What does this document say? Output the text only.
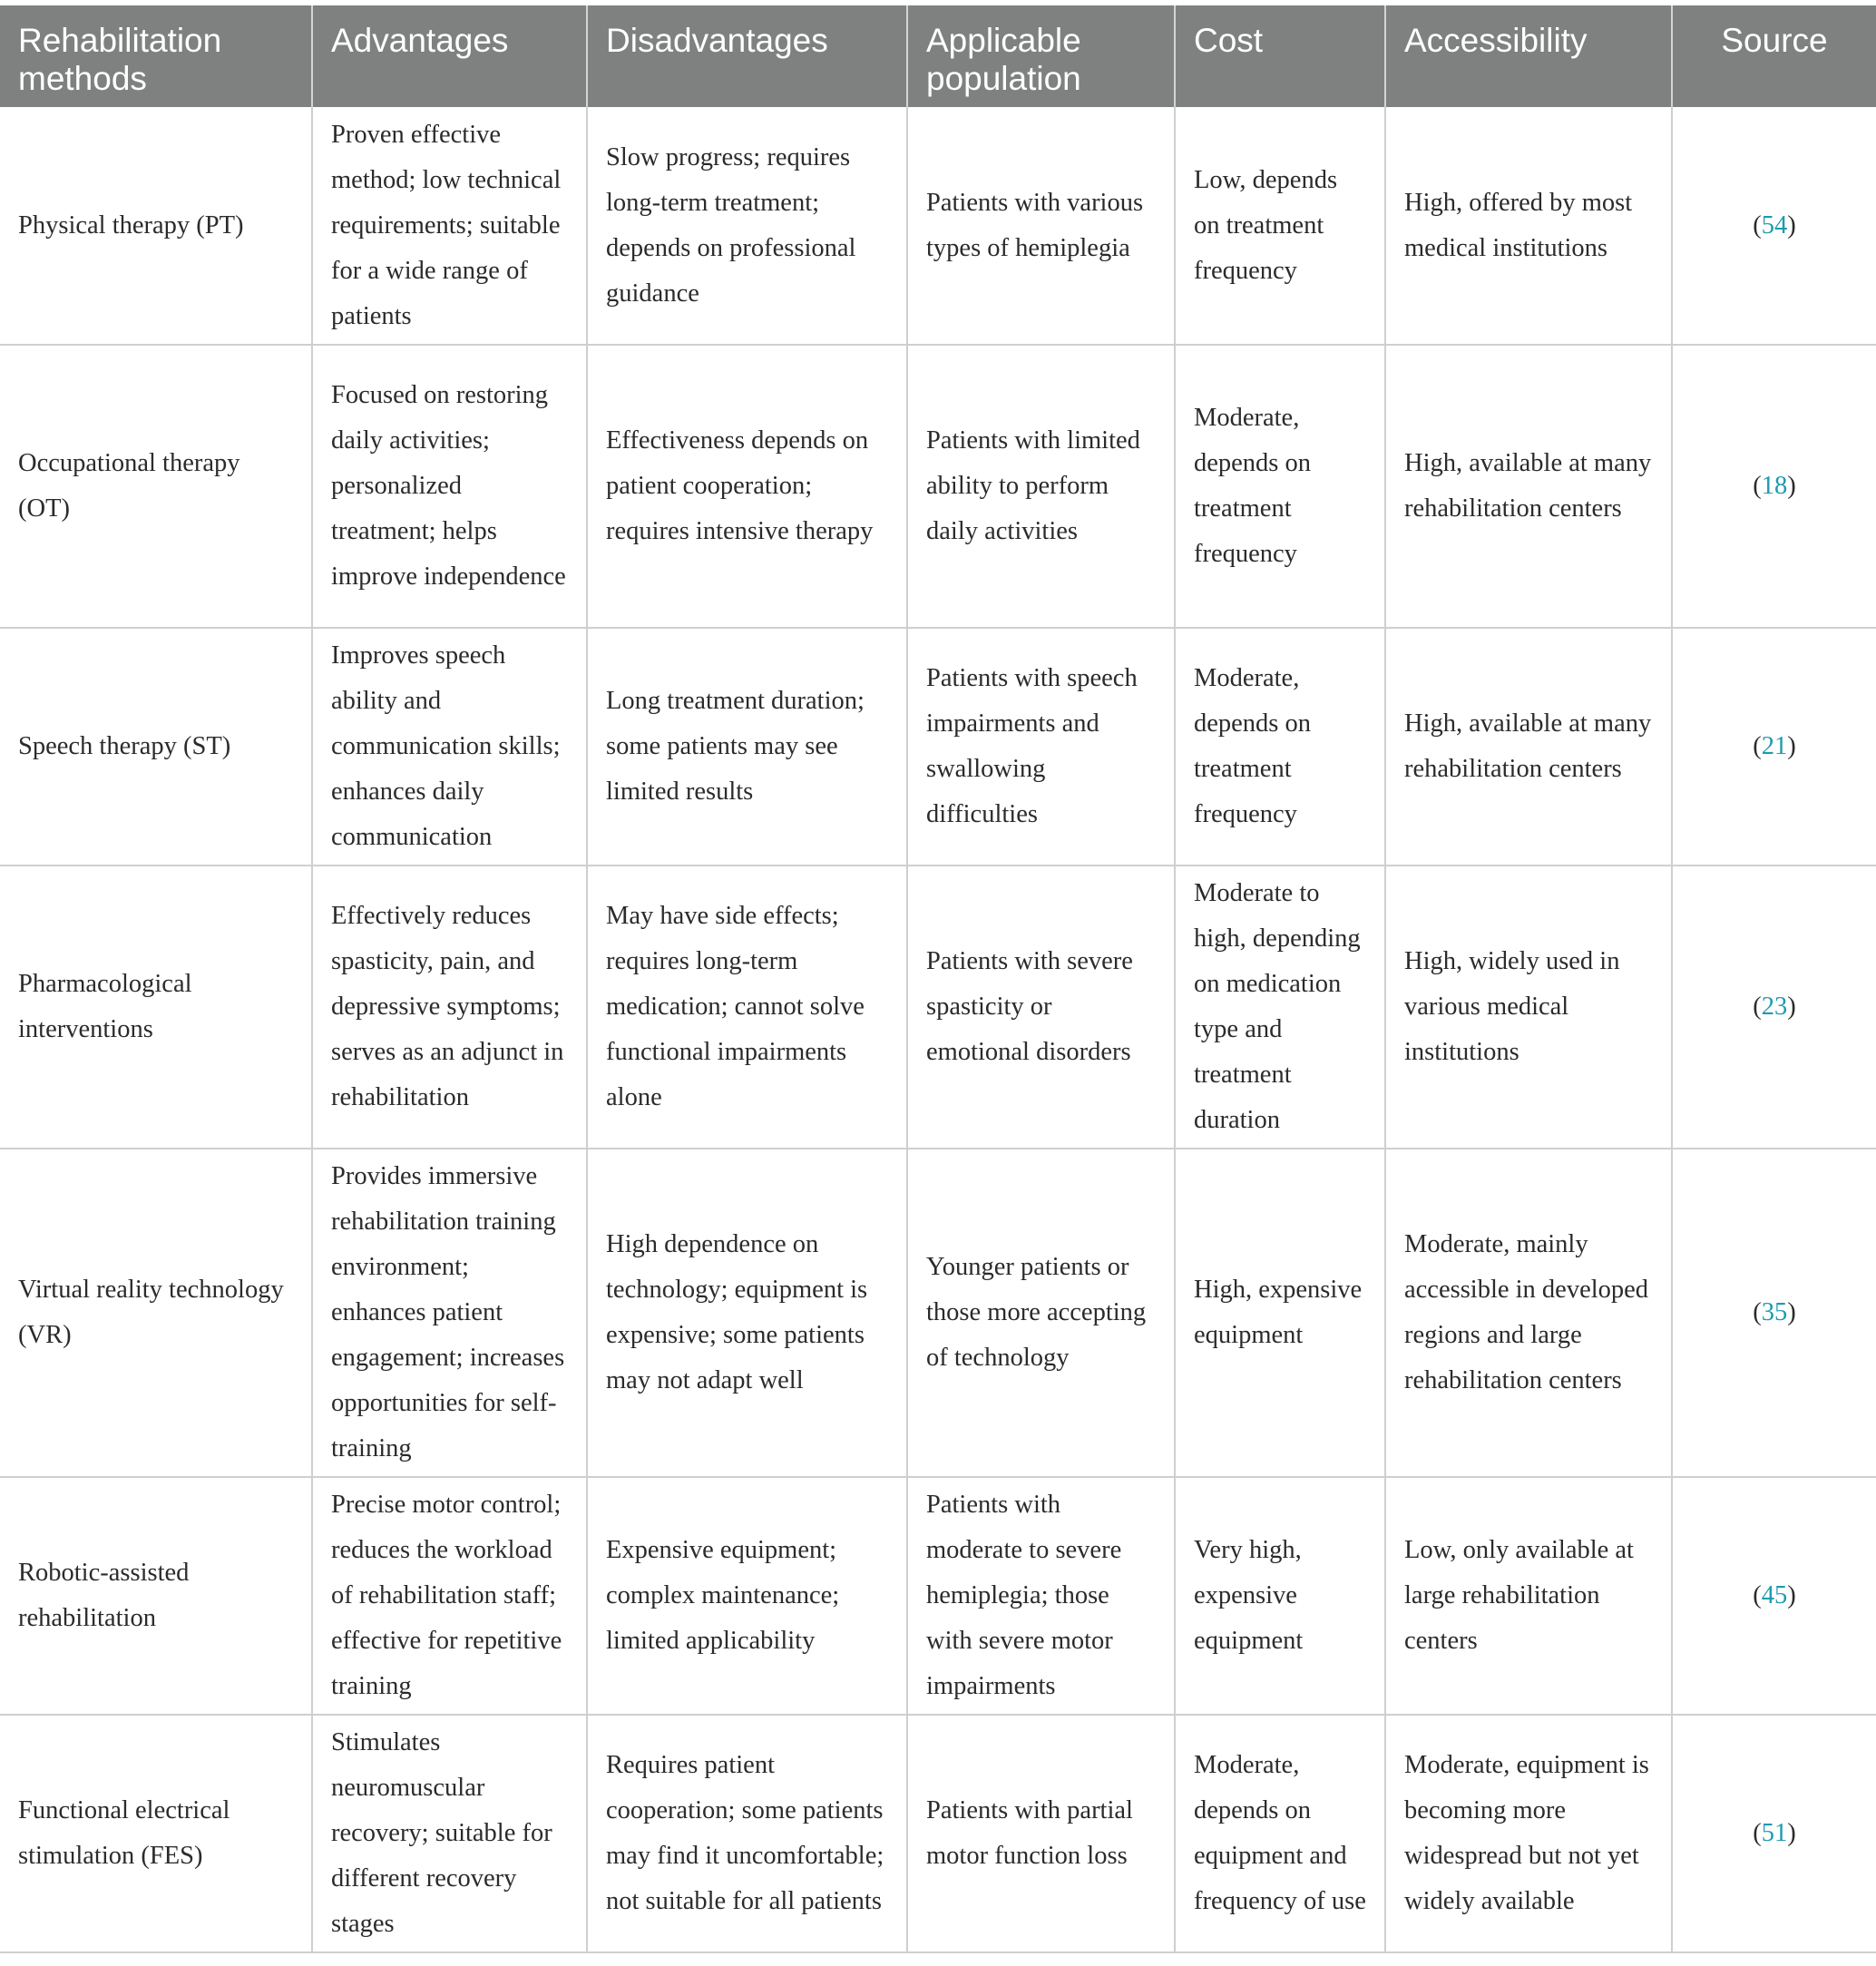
Rehabilitation methods	Advantages	Disadvantages	Applicable population	Cost	Accessibility	Source
Physical therapy (PT)	Proven effective method; low technical requirements; suitable for a wide range of patients	Slow progress; requires long-term treatment; depends on professional guidance	Patients with various types of hemiplegia	Low, depends on treatment frequency	High, offered by most medical institutions	(54)
Occupational therapy (OT)	Focused on restoring daily activities; personalized treatment; helps improve independence	Effectiveness depends on patient cooperation; requires intensive therapy	Patients with limited ability to perform daily activities	Moderate, depends on treatment frequency	High, available at many rehabilitation centers	(18)
Speech therapy (ST)	Improves speech ability and communication skills; enhances daily communication	Long treatment duration; some patients may see limited results	Patients with speech impairments and swallowing difficulties	Moderate, depends on treatment frequency	High, available at many rehabilitation centers	(21)
Pharmacological interventions	Effectively reduces spasticity, pain, and depressive symptoms; serves as an adjunct in rehabilitation	May have side effects; requires long-term medication; cannot solve functional impairments alone	Patients with severe spasticity or emotional disorders	Moderate to high, depending on medication type and treatment duration	High, widely used in various medical institutions	(23)
Virtual reality technology (VR)	Provides immersive rehabilitation training environment; enhances patient engagement; increases opportunities for self-training	High dependence on technology; equipment is expensive; some patients may not adapt well	Younger patients or those more accepting of technology	High, expensive equipment	Moderate, mainly accessible in developed regions and large rehabilitation centers	(35)
Robotic-assisted rehabilitation	Precise motor control; reduces the workload of rehabilitation staff; effective for repetitive training	Expensive equipment; complex maintenance; limited applicability	Patients with moderate to severe hemiplegia; those with severe motor impairments	Very high, expensive equipment	Low, only available at large rehabilitation centers	(45)
Functional electrical stimulation (FES)	Stimulates neuromuscular recovery; suitable for different recovery stages	Requires patient cooperation; some patients may find it uncomfortable; not suitable for all patients	Patients with partial motor function loss	Moderate, depends on equipment and frequency of use	Moderate, equipment is becoming more widespread but not yet widely available	(51)
